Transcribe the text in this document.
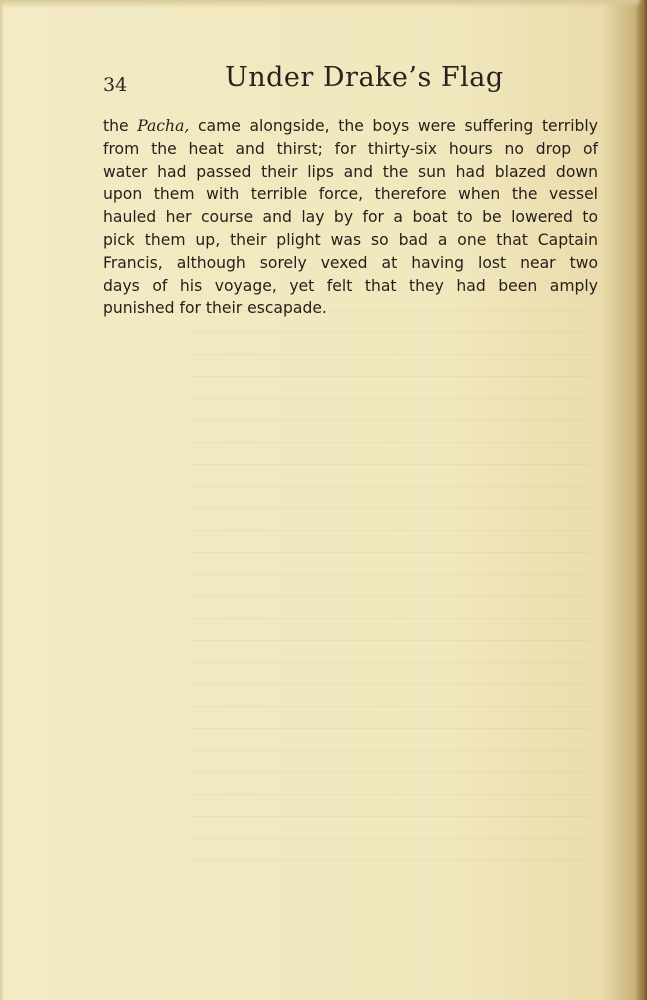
34	Under Drake’s Flag
the Pacha, came alongside, the boys were suffering terribly
from the heat and thirst; for thirty-six hours no drop of
water had passed their lips and the sun had blazed down
upon them with terrible force, therefore when the vessel
hauled her course and lay by for a boat to be lowered to
pick them up, their plight was so bad a one that Captain
Francis, although sorely vexed at having lost near two
days of his voyage, yet felt that they had been amply
punished for their escapade.
